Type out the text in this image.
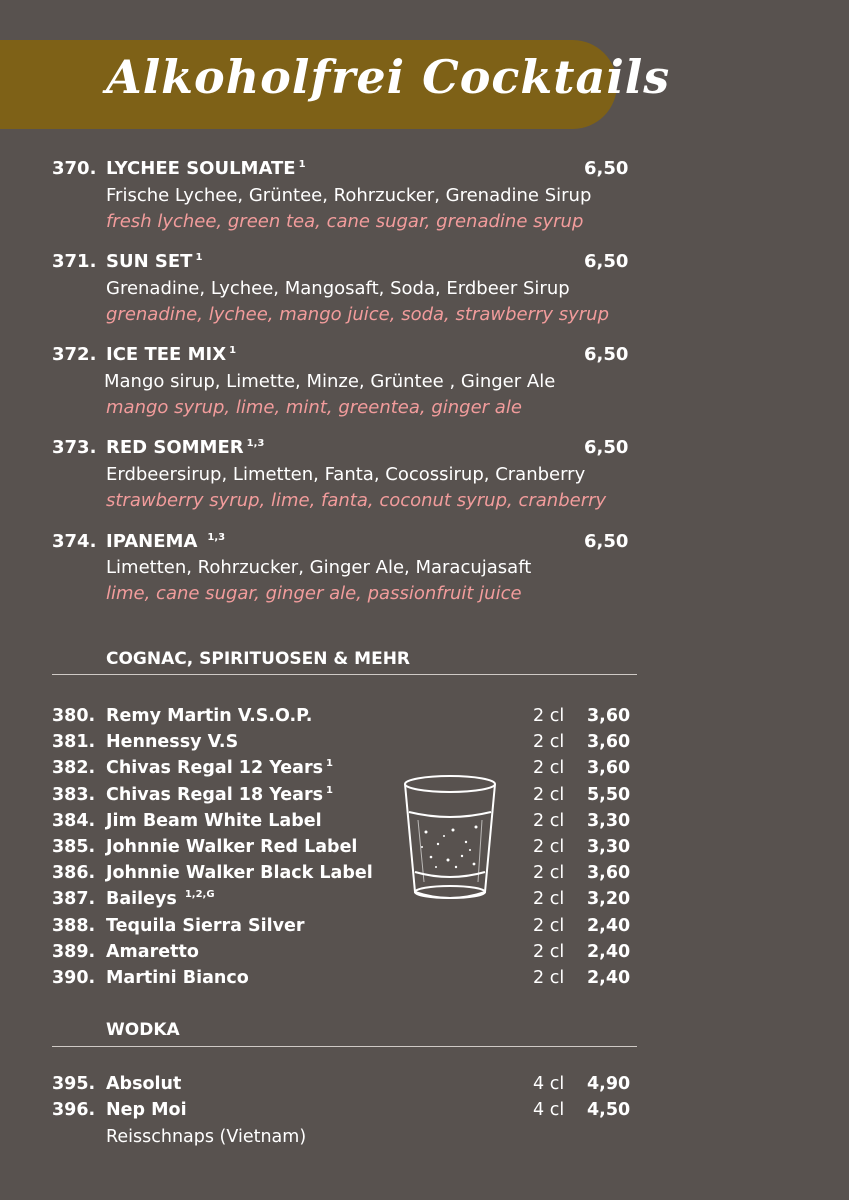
Alkoholfrei Cocktails
370. LYCHEE SOULMATE $^1$	6,50
Frische Lychee, Grüntee, Rohrzucker, Grenadine Sirup
fresh lychee, green tea, cane sugar, grenadine syrup
371. SUN SET $^1$	6,50
Grenadine, Lychee, Mangosaft, Soda, Erdbeer Sirup
grenadine, lychee, mango juice, soda, strawberry syrup
372. ICE TEE MIX $^1$	6,50
Mango sirup, Limette, Minze, Grüntee , Ginger Ale
mango syrup, lime, mint, greentea, ginger ale
373. RED SOMMER $^{1,3}$	6,50
Erdbeersirup, Limetten, Fanta, Cocossirup, Cranberry
strawberry syrup, lime, fanta, coconut syrup, cranberry
374. IPANEMA $^{1,3}$	6,50
Limetten, Rohrzucker, Ginger Ale, Maracujasaft
lime, cane sugar, ginger ale, passionfruit juice
COGNAC, SPIRITUOSEN & MEHR
380. Remy Martin V.S.O.P.	2 cl 3,60
381. Hennessy V.S	2 cl 3,60
382. Chivas Regal 12 Years $^1$	2 cl 3,60
383. Chivas Regal 18 Years $^1$	2 cl 5,50
384. Jim Beam White Label	2 cl 3,30
385. Johnnie Walker Red Label	2 cl 3,30
386. Johnnie Walker Black Label	2 cl 3,60
387. Baileys $^{1,2,G}$	2 cl 3,20
388. Tequila Sierra Silver	2 cl 2,40
389. Amaretto	2 cl 2,40
390. Martini Bianco	2 cl 2,40
WODKA
395. Absolut	4 cl 4,90
396. Nep Moi	4 cl 4,50
Reisschnaps (Vietnam)
